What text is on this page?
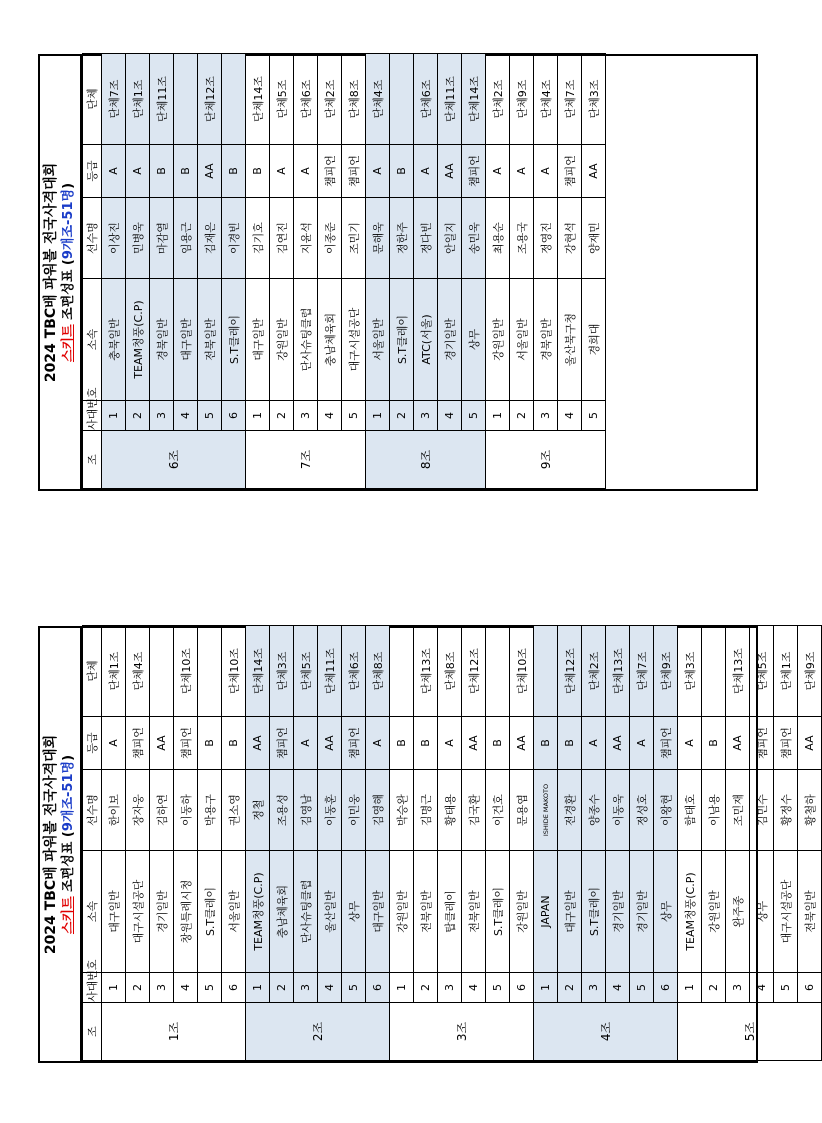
2024 TBC배 파워볼 전국사격대회 스키트 조편성표 (9개조-51명)
조	사대번호	소속	선수명	등급	단체
1조	1	대구일반	한이보	A	단체1조
	2	대구시설공단	장자웅	챔피언	단체4조
	3	경기일반	김하연	AA	
	4	창원특례시청	이동하	챔피언	단체10조
	5	S.T클레이	박용구	B	
	6	서울일반	권소영	B	단체10조
2조	1	TEAM청풍(C.P)	정철	AA	단체14조
	2	충남체육회	조용성	챔피언	단체3조
	3	단사슈팅클럽	김영남	A	단체5조
	4	울산일반	이동훈	AA	단체11조
	5	상무	이민웅	챔피언	단체6조
	6	대구일반	김영해	A	단체8조
3조	1	강원일반	박승완	B	
	2	전북일반	김명근	B	단체13조
	3	탑클레이	황태용	A	단체8조
	4	전북일반	김국환	AA	단체12조
	5	S.T클레이	이건호	B	
	6	강원일반	문용엽	AA	단체10조
4조	1	JAPAN	ISHIDE MAKOTO	B	
	2	대구일반	전경환	B	단체12조
	3	S.T클레이	양종수	A	단체2조
	4	경기일반	이동욱	AA	단체13조
	5	경기일반	정성호	A	단체7조
	6	상무	이왕현	챔피언	단체9조
5조	1	TEAM청풍(C.P)	함태호	A	단체3조
	2	강원일반	이남용	B	
	3	완주종	조민재	AA	단체13조
	4	상무	김민수	챔피언	단체5조
	5	대구시설공단	황정수	챔피언	단체1조
	6	전북일반	황철하	AA	단체9조
2024 TBC배 파워볼 전국사격대회 스키트 조편성표 (9개조-51명)
조	사대번호	소속	선수명	등급	단체
6조	1	충북일반	이상진	A	단체7조
	2	TEAM청풍(C.P)	민병욱	A	단체1조
	3	경북일반	마감열	B	단체11조
	4	대구일반	임용근	B	
	5	전북일반	김재은	AA	단체12조
	6	S.T클레이	이경빈	B	
7조	1	대구일반	김기호	B	단체14조
	2	강원일반	김연진	A	단체5조
	3	단사슈팅클럽	지윤석	A	단체6조
	4	충남체육회	이종준	챔피언	단체2조
	5	대구시설공단	조민기	챔피언	단체8조
8조	1	서울일반	문해욱	A	단체4조
	2	S.T클레이	정한주	B	
	3	ATC(서울)	정다빈	A	단체6조
	4	경기일반	안일지	AA	단체11조
	5	상무	송민욱	챔피언	단체14조
9조	1	강원일반	최용순	A	단체2조
	2	서울일반	조용국	A	단체9조
	3	경북일반	정영진	A	단체4조
	4	울산북구청	강현석	챔피언	단체7조
	5	경희대	양재민	AA	단체3조
